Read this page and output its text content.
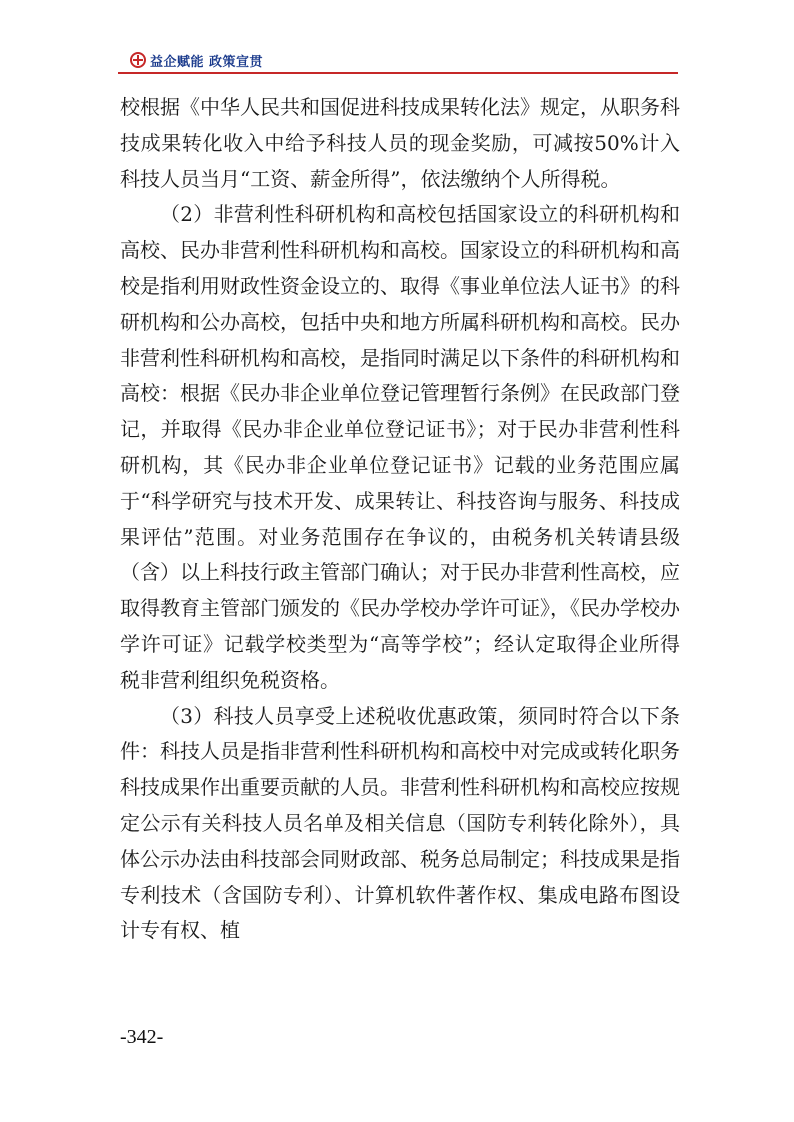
益企赋能 政策宣贯

校根据《中华人民共和国促进科技成果转化法》规定，从职务科技成果转化收入中给予科技人员的现金奖励，可减按50%计入科技人员当月“工资、薪金所得”，依法缴纳个人所得税。

（2）非营利性科研机构和高校包括国家设立的科研机构和高校、民办非营利性科研机构和高校。国家设立的科研机构和高校是指利用财政性资金设立的、取得《事业单位法人证书》的科研机构和公办高校，包括中央和地方所属科研机构和高校。民办非营利性科研机构和高校，是指同时满足以下条件的科研机构和高校：根据《民办非企业单位登记管理暂行条例》在民政部门登记，并取得《民办非企业单位登记证书》；对于民办非营利性科研机构，其《民办非企业单位登记证书》记载的业务范围应属于“科学研究与技术开发、成果转让、科技咨询与服务、科技成果评估”范围。对业务范围存在争议的，由税务机关转请县级（含）以上科技行政主管部门确认；对于民办非营利性高校，应取得教育主管部门颁发的《民办学校办学许可证》，《民办学校办学许可证》记载学校类型为“高等学校”；经认定取得企业所得税非营利组织免税资格。

（3）科技人员享受上述税收优惠政策，须同时符合以下条件：科技人员是指非营利性科研机构和高校中对完成或转化职务科技成果作出重要贡献的人员。非营利性科研机构和高校应按规定公示有关科技人员名单及相关信息（国防专利转化除外），具体公示办法由科技部会同财政部、税务总局制定；科技成果是指专利技术（含国防专利）、计算机软件著作权、集成电路布图设计专有权、植

-342-
